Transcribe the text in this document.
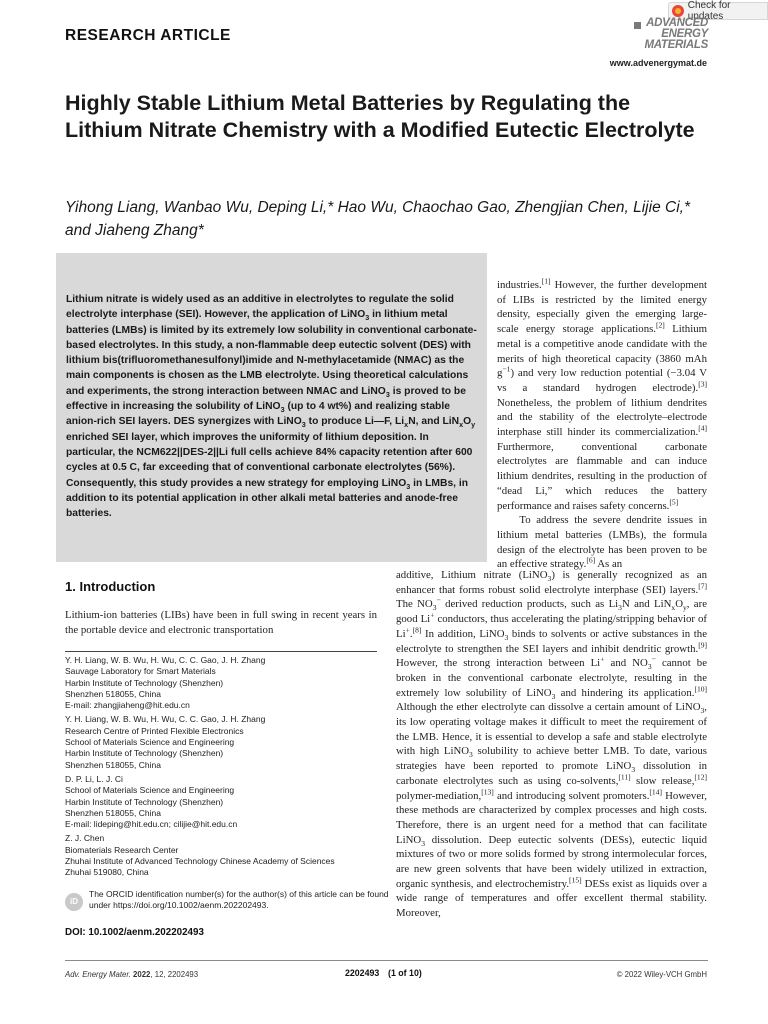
Check for updates
RESEARCH ARTICLE
ADVANCED
ENERGY
MATERIALS
www.advenergymat.de
Highly Stable Lithium Metal Batteries by Regulating the Lithium Nitrate Chemistry with a Modified Eutectic Electrolyte
Yihong Liang, Wanbao Wu, Deping Li,* Hao Wu, Chaochao Gao, Zhengjian Chen, Lijie Ci,* and Jiaheng Zhang*
Lithium nitrate is widely used as an additive in electrolytes to regulate the solid electrolyte interphase (SEI). However, the application of LiNO$_3$ in lithium metal batteries (LMBs) is limited by its extremely low solubility in conventional carbonate-based electrolytes. In this study, a non-flammable deep eutectic solvent (DES) with lithium bis(trifluoromethanesulfonyl)imide and N-methylacetamide (NMAC) as the main components is chosen as the LMB electrolyte. Using theoretical calculations and experiments, the strong interaction between NMAC and LiNO$_3$ is proved to be effective in increasing the solubility of LiNO$_3$ (up to 4 wt%) and realizing stable anion-rich SEI layers. DES synergizes with LiNO$_3$ to produce Li—F, $Li_xN$, and $LiN_xO_y$ enriched SEI layer, which improves the uniformity of lithium deposition. In particular, the NCM622||DES-2||Li full cells achieve 84% capacity retention after 600 cycles at 0.5 C, far exceeding that of conventional carbonate electrolytes (56%). Consequently, this study provides a new strategy for employing LiNO$_3$ in LMBs, in addition to its potential application in other alkali metal batteries and anode-free batteries.
industries.[1] However, the further development of LIBs is restricted by the limited energy density, especially given the emerging large-scale energy storage applications.[2] Lithium metal is a competitive anode candidate with the merits of high theoretical capacity (3860 mAh $g^{-1}$) and very low reduction potential (−3.04 V vs a standard hydrogen electrode).[3] Nonetheless, the problem of lithium dendrites and the stability of the electrolyte–electrode interphase still hinder its commercialization.[4] Furthermore, conventional carbonate electrolytes are flammable and can induce lithium dendrites, resulting in the production of “dead Li,” which reduces the battery performance and raises safety concerns.[5]
To address the severe dendrite issues in lithium metal batteries (LMBs), the formula design of the electrolyte has been proven to be an effective strategy.[6] As an
1. Introduction
Lithium-ion batteries (LIBs) have been in full swing in recent years in the portable device and electronic transportation
additive, Lithium nitrate (LiNO$_3$) is generally recognized as an enhancer that forms robust solid electrolyte interphase (SEI) layers.[7] The $NO_3^-$ derived reduction products, such as $Li_3N$ and $LiN_xO_y$, are good Li+ conductors, thus accelerating the plating/stripping behavior of Li+.[8] In addition, LiNO$_3$ binds to solvents or active substances in the electrolyte to strengthen the SEI layers and inhibit dendritic growth.[9] However, the strong interaction between Li+ and $NO_3^-$ cannot be broken in the conventional carbonate electrolyte, resulting in the extremely low solubility of LiNO$_3$ and hindering its application.[10] Although the ether electrolyte can dissolve a certain amount of LiNO$_3$, its low operating voltage makes it difficult to meet the requirement of the LMB. Hence, it is essential to develop a safe and stable electrolyte with high LiNO$_3$ solubility to achieve better LMB. To date, various strategies have been reported to promote LiNO$_3$ dissolution in carbonate electrolytes such as using co-solvents,[11] slow release,[12] polymer-mediation,[13] and introducing solvent promoters.[14] However, these methods are characterized by complex processes and high costs. Therefore, there is an urgent need for a method that can facilitate LiNO$_3$ dissolution. Deep eutectic solvents (DESs), eutectic liquid mixtures of two or more solids formed by strong intermolecular forces, are new green solvents that have been widely utilized in extraction, organic synthesis, and electrochemistry.[15] DESs exist as liquids over a wide range of temperatures and offer excellent thermal stability. Moreover,
Y. H. Liang, W. B. Wu, H. Wu, C. C. Gao, J. H. Zhang
Sauvage Laboratory for Smart Materials
Harbin Institute of Technology (Shenzhen)
Shenzhen 518055, China
E-mail: zhangjiaheng@hit.edu.cn
Y. H. Liang, W. B. Wu, H. Wu, C. C. Gao, J. H. Zhang
Research Centre of Printed Flexible Electronics
School of Materials Science and Engineering
Harbin Institute of Technology (Shenzhen)
Shenzhen 518055, China
D. P. Li, L. J. Ci
School of Materials Science and Engineering
Harbin Institute of Technology (Shenzhen)
Shenzhen 518055, China
E-mail: lideping@hit.edu.cn; cilijie@hit.edu.cn
Z. J. Chen
Biomaterials Research Center
Zhuhai Institute of Advanced Technology Chinese Academy of Sciences
Zhuhai 519080, China
iD
The ORCID identification number(s) for the author(s) of this article can be found under https://doi.org/10.1002/aenm.202202493.
DOI: 10.1002/aenm.202202493
Adv. Energy Mater. 2022, 12, 2202493	2202493 (1 of 10)	© 2022 Wiley-VCH GmbH
